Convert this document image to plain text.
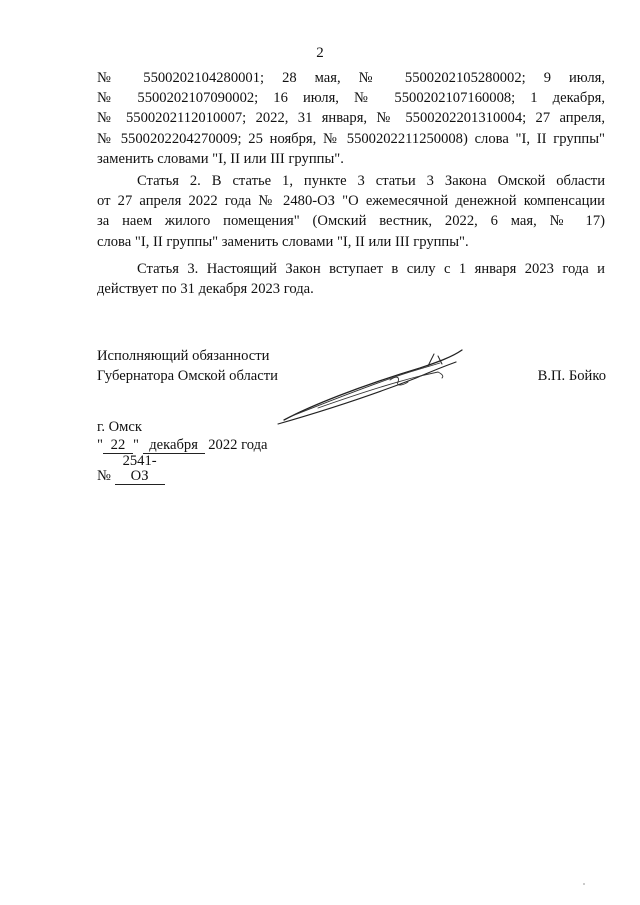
2
№ 5500202104280001; 28 мая, № 5500202105280002; 9 июля,
№ 5500202107090002; 16 июля, № 5500202107160008; 1 декабря,
№ 5500202112010007; 2022, 31 января, № 5500202201310004; 27 апреля,
№ 5500202204270009; 25 ноября, № 5500202211250008) слова "I, II группы"
заменить словами "I, II или III группы".
Статья 2. В статье 1, пункте 3 статьи 3 Закона Омской области
от 27 апреля 2022 года № 2480-ОЗ "О ежемесячной денежной компенсации
за наем жилого помещения" (Омский вестник, 2022, 6 мая, № 17)
слова "I, II группы" заменить словами "I, II или III группы".
Статья 3. Настоящий Закон вступает в силу с 1 января 2023 года и
действует по 31 декабря 2023 года.
Исполняющий обязанности
Губернатора Омской области	В.П. Бойко
г. Омск
" 22 " декабря 2022 года
№ 2541-ОЗ
